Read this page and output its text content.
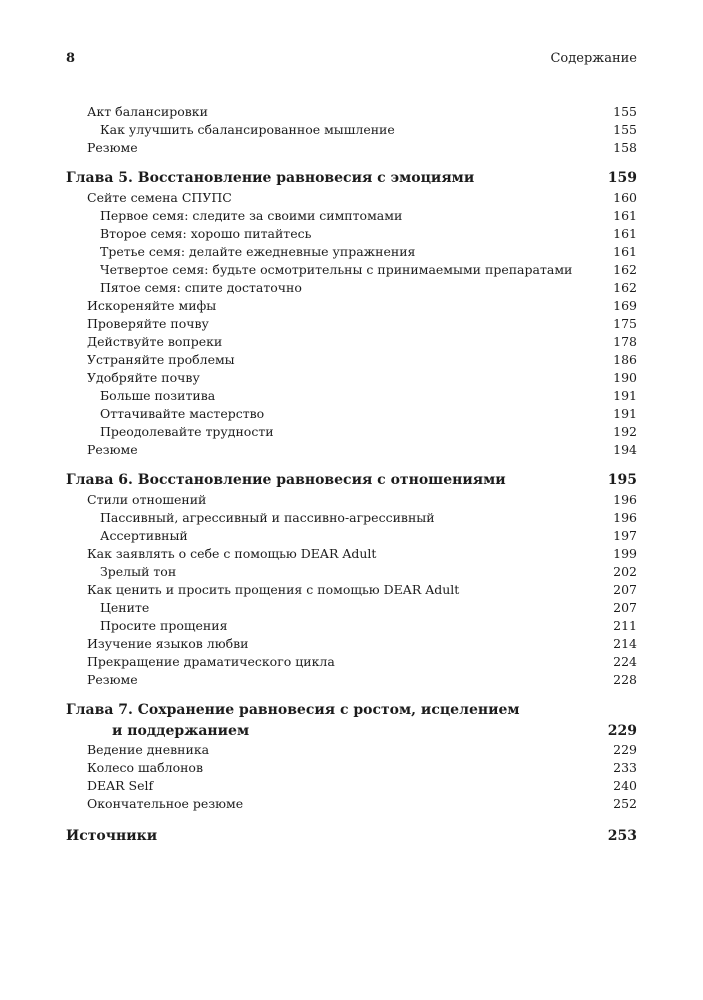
8	Содержание
Акт балансировки	155
Как улучшить сбалансированное мышление	155
Резюме	158
Глава 5. Восстановление равновесия с эмоциями	159
Сейте семена СПУПС	160
Первое семя: следите за своими симптомами	161
Второе семя: хорошо питайтесь	161
Третье семя: делайте ежедневные упражнения	161
Четвертое семя: будьте осмотрительны с принимаемыми препаратами	162
Пятое семя: спите достаточно	162
Искореняйте мифы	169
Проверяйте почву	175
Действуйте вопреки	178
Устраняйте проблемы	186
Удобряйте почву	190
Больше позитива	191
Оттачивайте мастерство	191
Преодолевайте трудности	192
Резюме	194
Глава 6. Восстановление равновесия с отношениями	195
Стили отношений	196
Пассивный, агрессивный и пассивно-агрессивный	196
Ассертивный	197
Как заявлять о себе с помощью DEAR Adult	199
Зрелый тон	202
Как ценить и просить прощения с помощью DEAR Adult	207
Цените	207
Просите прощения	211
Изучение языков любви	214
Прекращение драматического цикла	224
Резюме	228
Глава 7. Сохранение равновесия с ростом, исцелением
и поддержанием	229
Ведение дневника	229
Колесо шаблонов	233
DEAR Self	240
Окончательное резюме	252
Источники	253
